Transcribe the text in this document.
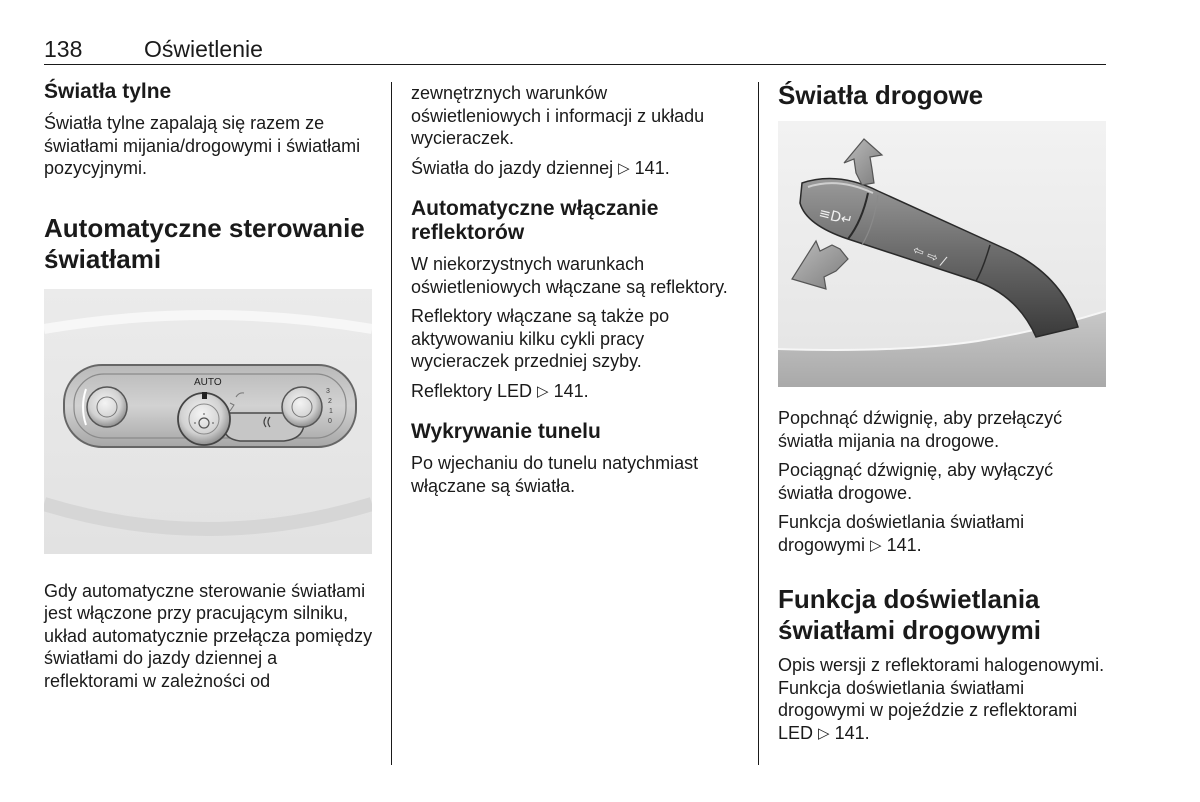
138	Oświetlenie
Światła tylne

Światła tylne zapalają się razem ze światłami mijania/drogowymi i światłami pozycyjnymi.

Automatyczne sterowanie światłami
AUTO
3
2
1
0

Gdy automatyczne sterowanie światłami jest włączone przy pracującym silniku, układ automatycznie przełącza pomiędzy światłami do jazdy dziennej a reflektorami w zależności od

zewnętrznych warunków oświetleniowych i informacji z układu wycieraczek.

Światła do jazdy dziennej ▷ 141.

Automatyczne włączanie reflektorów

W niekorzystnych warunkach oświetleniowych włączane są reflektory.

Reflektory włączane są także po aktywowaniu kilku cykli pracy wycieraczek przedniej szyby.

Reflektory LED ▷ 141.

Wykrywanie tunelu

Po wjechaniu do tunelu natychmiast włączane są światła.

Światła drogowe
≡D↵
⇦ ⇨ /

Popchnąć dźwignię, aby przełączyć światła mijania na drogowe.

Pociągnąć dźwignię, aby wyłączyć światła drogowe.

Funkcja doświetlania światłami drogowymi ▷ 141.

Funkcja doświetlania światłami drogowymi

Opis wersji z reflektorami halogenowymi. Funkcja doświetlania światłami drogowymi w pojeździe z reflektorami LED ▷ 141.
